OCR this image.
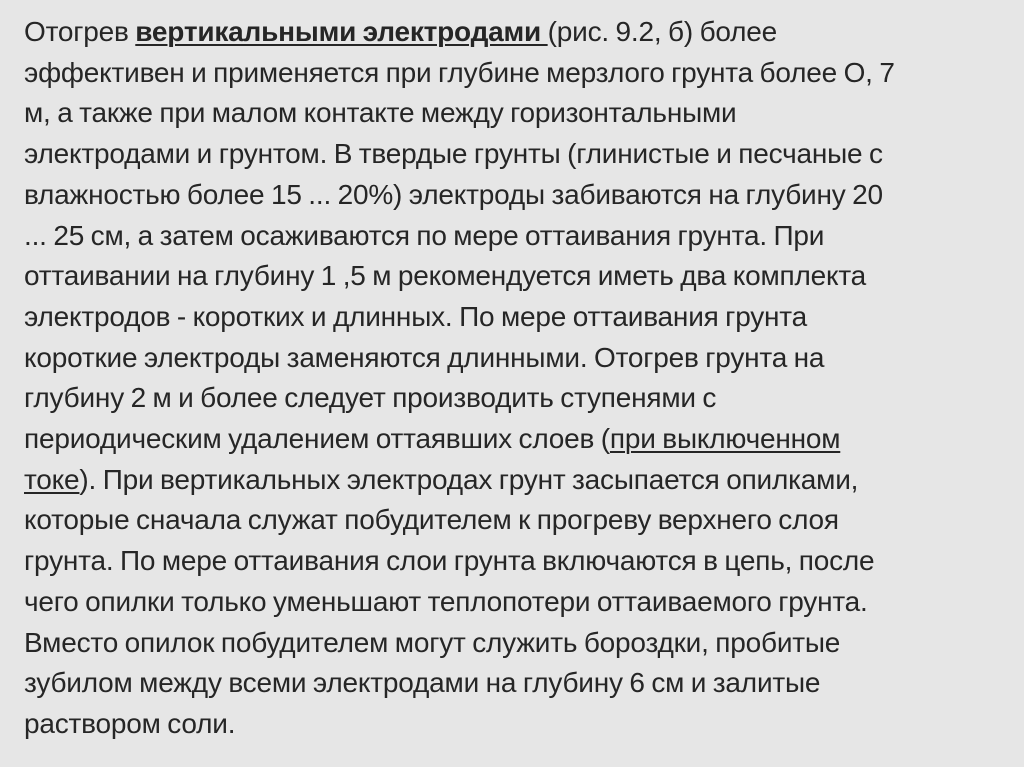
Отогрев вертикальными электродами (рис. 9.2, б) более
эффективен и применяется при глубине мерзлого грунта более О, 7
м, а также при малом контакте между горизонтальными
электродами и грунтом. В твердые грунты (глинистые и песчаные с
влажностью более 15 ... 20%) электроды забиваются на глубину 20
... 25 см, а затем осаживаются по мере оттаивания грунта. При
оттаивании на глубину 1 ,5 м рекомендуется иметь два комплекта
электродов - коротких и длинных. По мере оттаивания грунта
короткие электроды заменяются длинными. Отогрев грунта на
глубину 2 м и более следует производить ступенями с
периодическим удалением оттаявших слоев (при выключенном
токе). При вертикальных электродах грунт засыпается опилками,
которые сначала служат побудителем к прогреву верхнего слоя
грунта. По мере оттаивания слои грунта включаются в цепь, после
чего опилки только уменьшают теплопотери оттаиваемого грунта.
Вместо опилок побудителем могут служить бороздки, пробитые
зубилом между всеми электродами на глубину 6 см и залитые
раствором соли.
